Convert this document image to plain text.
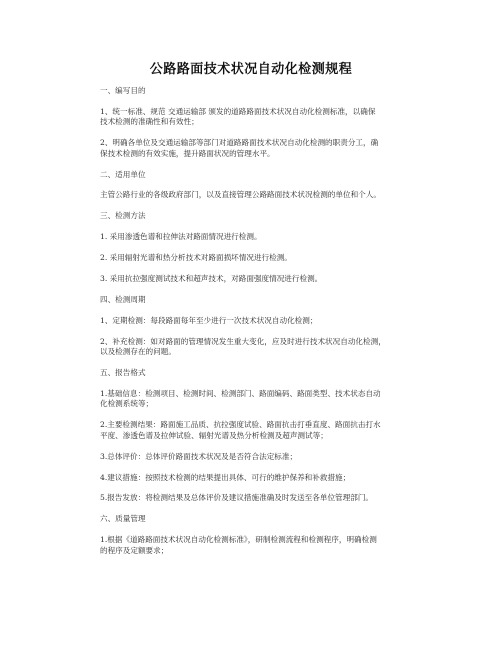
公路路面技术状况自动化检测规程
一、编写目的
1、统一标准、规范 交通运输部 颁发的道路路面技术状况自动化检测标准，以确保
技术检测的准确性和有效性；
2、明确各单位及交通运输部等部门对道路路面技术状况自动化检测的职责分工，确
保技术检测的有效实施，提升路面状况的管理水平。
二、适用单位
主管公路行业的各级政府部门，以及直接管理公路路面技术状况检测的单位和个人。
三、检测方法
1. 采用渗透色谱和拉伸法对路面情况进行检测。
2. 采用辐射光谱和热分析技术对路面损坏情况进行检测。
3. 采用抗拉强度测试技术和超声技术，对路面强度情况进行检测。
四、检测周期
1、定期检测：每段路面每年至少进行一次技术状况自动化检测；
2、补充检测：如对路面的管理情况发生重大变化，应及时进行技术状况自动化检测，
以及检测存在的问题。
五、报告格式
1.基础信息：检测项目、检测时间、检测部门、路面编码、路面类型、技术状态自动
化检测系统等；
2.主要检测结果：路面施工品质、抗拉强度试验、路面抗击打垂直度、路面抗击打水
平度、渗透色谱及拉伸试验、辐射光谱及热分析检测及超声测试等；
3.总体评价：总体评价路面技术状况及是否符合法定标准；
4.建议措施：按照技术检测的结果提出具体、可行的维护保养和补救措施；
5.报告发放：将检测结果及总体评价及建议措施准确及时发送至各单位管理部门。
六、质量管理
1.根据《道路路面技术状况自动化检测标准》，研制检测流程和检测程序，明确检测
的程序及定额要求；
